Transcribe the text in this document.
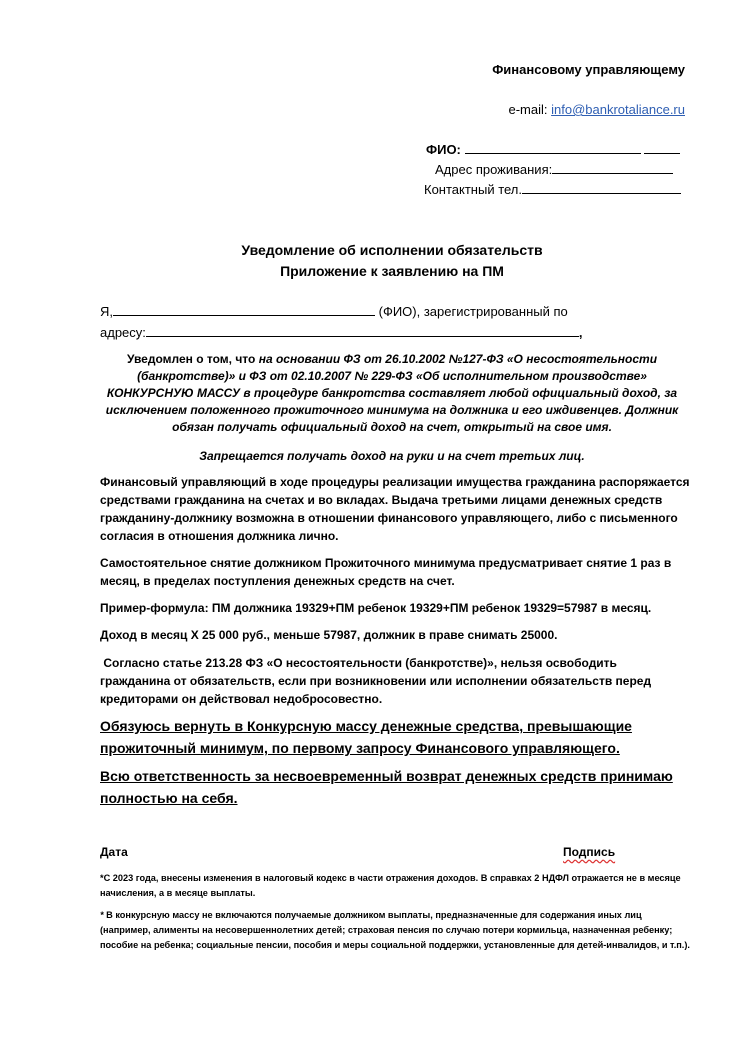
Финансовому управляющему
e-mail: info@bankrotaliance.ru
ФИО:
Адрес проживания:
Контактный тел.
Уведомление об исполнении обязательств
Приложение к заявлению на ПМ
Я,	(ФИО), зарегистрированный по
адресу:	,
Уведомлен о том, что на основании ФЗ от 26.10.2002 №127-ФЗ «О несостоятельности (банкротстве)» и ФЗ от 02.10.2007 № 229-ФЗ «Об исполнительном производстве» КОНКУРСНУЮ МАССУ в процедуре банкротства составляет любой официальный доход, за исключением положенного прожиточного минимума на должника и его иждивенцев. Должник обязан получать официальный доход на счет, открытый на свое имя.
Запрещается получать доход на руки и на счет третьих лиц.

Финансовый управляющий в ходе процедуры реализации имущества гражданина распоряжается средствами гражданина на счетах и во вкладах. Выдача третьими лицами денежных средств гражданину-должнику возможна в отношении финансового управляющего, либо с письменного согласия в отношения должника лично.

Самостоятельное снятие должником Прожиточного минимума предусматривает снятие 1 раз в месяц, в пределах поступления денежных средств на счет.

Пример-формула: ПМ должника 19329+ПМ ребенок 19329+ПМ ребенок 19329=57987 в месяц.

Доход в месяц Х 25 000 руб., меньше 57987, должник в праве снимать 25000.

Согласно статье 213.28 ФЗ «О несостоятельности (банкротстве)», нельзя освободить гражданина от обязательств, если при возникновении или исполнении обязательств перед кредиторами он действовал недобросовестно.

Обязуюсь вернуть в Конкурсную массу денежные средства, превышающие прожиточный минимум, по первому запросу Финансового управляющего.
Всю ответственность за несвоевременный возврат денежных средств принимаю полностью на себя.
Дата	Подпись
*С 2023 года, внесены изменения в налоговый кодекс в части отражения доходов. В справках 2 НДФЛ отражается не в месяце начисления, а в месяце выплаты.
* В конкурсную массу не включаются получаемые должником выплаты, предназначенные для содержания иных лиц (например, алименты на несовершеннолетних детей; страховая пенсия по случаю потери кормильца, назначенная ребенку; пособие на ребенка; социальные пенсии, пособия и меры социальной поддержки, установленные для детей-инвалидов, и т.п.).
